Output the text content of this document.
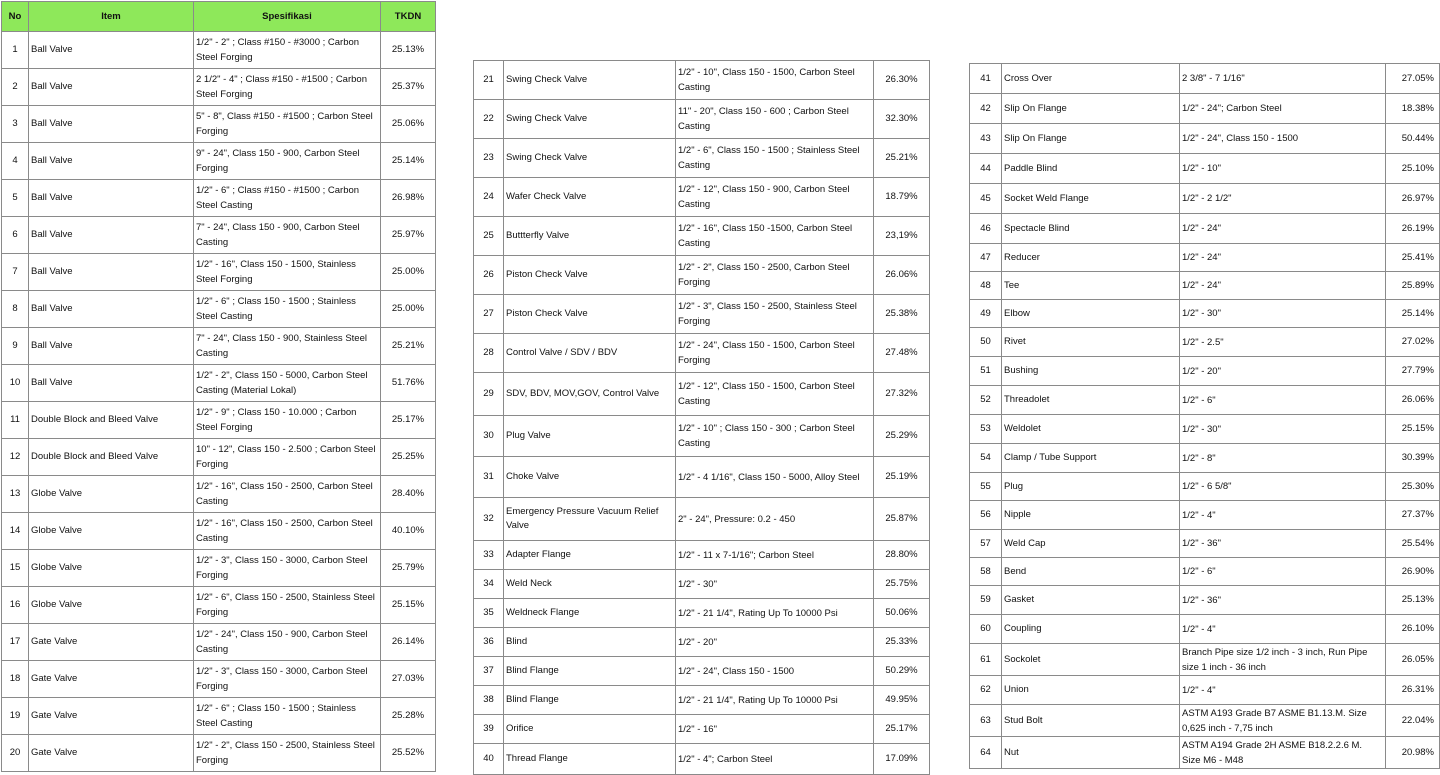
No	Item	Spesifikasi	TKDN
1	Ball Valve	1/2" - 2" ; Class #150 - #3000 ; Carbon Steel Forging	25.13%
2	Ball Valve	2 1/2" - 4" ; Class #150 - #1500 ; Carbon Steel Forging	25.37%
3	Ball Valve	5" - 8", Class #150 - #1500 ; Carbon Steel Forging	25.06%
4	Ball Valve	9" - 24", Class 150 - 900, Carbon Steel Forging	25.14%
5	Ball Valve	1/2" - 6" ; Class #150 - #1500 ; Carbon Steel Casting	26.98%
6	Ball Valve	7" - 24", Class 150 - 900, Carbon Steel Casting	25.97%
7	Ball Valve	1/2" - 16", Class 150 - 1500, Stainless Steel Forging	25.00%
8	Ball Valve	1/2" - 6" ; Class 150 - 1500 ; Stainless Steel Casting	25.00%
9	Ball Valve	7" - 24", Class 150 - 900, Stainless Steel Casting	25.21%
10	Ball Valve	1/2" - 2", Class 150 - 5000, Carbon Steel Casting (Material Lokal)	51.76%
11	Double Block and Bleed Valve	1/2" - 9" ; Class 150 - 10.000 ; Carbon Steel Forging	25.17%
12	Double Block and Bleed Valve	10" - 12", Class 150 - 2.500 ; Carbon Steel Forging	25.25%
13	Globe Valve	1/2" - 16", Class 150 - 2500, Carbon Steel Casting	28.40%
14	Globe Valve	1/2" - 16", Class 150 - 2500, Carbon Steel Casting	40.10%
15	Globe Valve	1/2" - 3", Class 150 - 3000, Carbon Steel Forging	25.79%
16	Globe Valve	1/2" - 6", Class 150 - 2500, Stainless Steel Forging	25.15%
17	Gate Valve	1/2" - 24", Class 150 - 900, Carbon Steel Casting	26.14%
18	Gate Valve	1/2" - 3", Class 150 - 3000, Carbon Steel Forging	27.03%
19	Gate Valve	1/2" - 6" ; Class 150 - 1500 ; Stainless Steel Casting	25.28%
20	Gate Valve	1/2" - 2", Class 150 - 2500, Stainless Steel Forging	25.52%
21	Swing Check Valve	1/2" - 10", Class 150 - 1500, Carbon Steel Casting	26.30%
22	Swing Check Valve	11" - 20", Class 150 - 600 ; Carbon Steel Casting	32.30%
23	Swing Check Valve	1/2" - 6", Class 150 - 1500 ; Stainless Steel Casting	25.21%
24	Wafer Check Valve	1/2" - 12", Class 150 - 900, Carbon Steel Casting	18.79%
25	Buttterfly Valve	1/2" - 16", Class 150 -1500, Carbon Steel Casting	23,19%
26	Piston Check Valve	1/2" - 2", Class 150 - 2500, Carbon Steel Forging	26.06%
27	Piston Check Valve	1/2" - 3", Class 150 - 2500, Stainless Steel Forging	25.38%
28	Control Valve / SDV / BDV	1/2" - 24", Class 150 - 1500, Carbon Steel Forging	27.48%
29	SDV, BDV, MOV,GOV, Control Valve	1/2" - 12", Class 150 - 1500, Carbon Steel Casting	27.32%
30	Plug Valve	1/2" - 10" ; Class 150 - 300 ; Carbon Steel Casting	25.29%
31	Choke Valve	1/2" - 4 1/16", Class 150 - 5000, Alloy Steel	25.19%
32	Emergency Pressure Vacuum Relief Valve	2" - 24", Pressure: 0.2 - 450	25.87%
33	Adapter Flange	1/2" - 11 x 7-1/16"; Carbon Steel	28.80%
34	Weld Neck	1/2" - 30"	25.75%
35	Weldneck Flange	1/2" - 21 1/4", Rating Up To 10000 Psi	50.06%
36	Blind	1/2" - 20"	25.33%
37	Blind Flange	1/2" - 24", Class 150 - 1500	50.29%
38	Blind Flange	1/2" - 21 1/4", Rating Up To 10000 Psi	49.95%
39	Orifice	1/2" - 16"	25.17%
40	Thread Flange	1/2" - 4"; Carbon Steel	17.09%
41	Cross Over	2 3/8" - 7 1/16"	27.05%
42	Slip On Flange	1/2" - 24"; Carbon Steel	18.38%
43	Slip On Flange	1/2" - 24", Class 150 - 1500	50.44%
44	Paddle Blind	1/2" - 10"	25.10%
45	Socket Weld Flange	1/2" - 2 1/2"	26.97%
46	Spectacle Blind	1/2" - 24"	26.19%
47	Reducer	1/2" - 24"	25.41%
48	Tee	1/2" - 24"	25.89%
49	Elbow	1/2" - 30"	25.14%
50	Rivet	1/2" - 2.5"	27.02%
51	Bushing	1/2" - 20"	27.79%
52	Threadolet	1/2" - 6"	26.06%
53	Weldolet	1/2" - 30"	25.15%
54	Clamp / Tube Support	1/2" - 8"	30.39%
55	Plug	1/2" - 6 5/8"	25.30%
56	Nipple	1/2" - 4"	27.37%
57	Weld Cap	1/2" - 36"	25.54%
58	Bend	1/2" - 6"	26.90%
59	Gasket	1/2" - 36"	25.13%
60	Coupling	1/2" - 4"	26.10%
61	Sockolet	Branch Pipe size 1/2 inch - 3 inch, Run Pipe size 1 inch - 36 inch	26.05%
62	Union	1/2" - 4"	26.31%
63	Stud Bolt	ASTM A193 Grade B7 ASME B1.13.M. Size 0,625 inch - 7,75 inch	22.04%
64	Nut	ASTM A194 Grade 2H ASME B18.2.2.6 M. Size M6 - M48	20.98%
